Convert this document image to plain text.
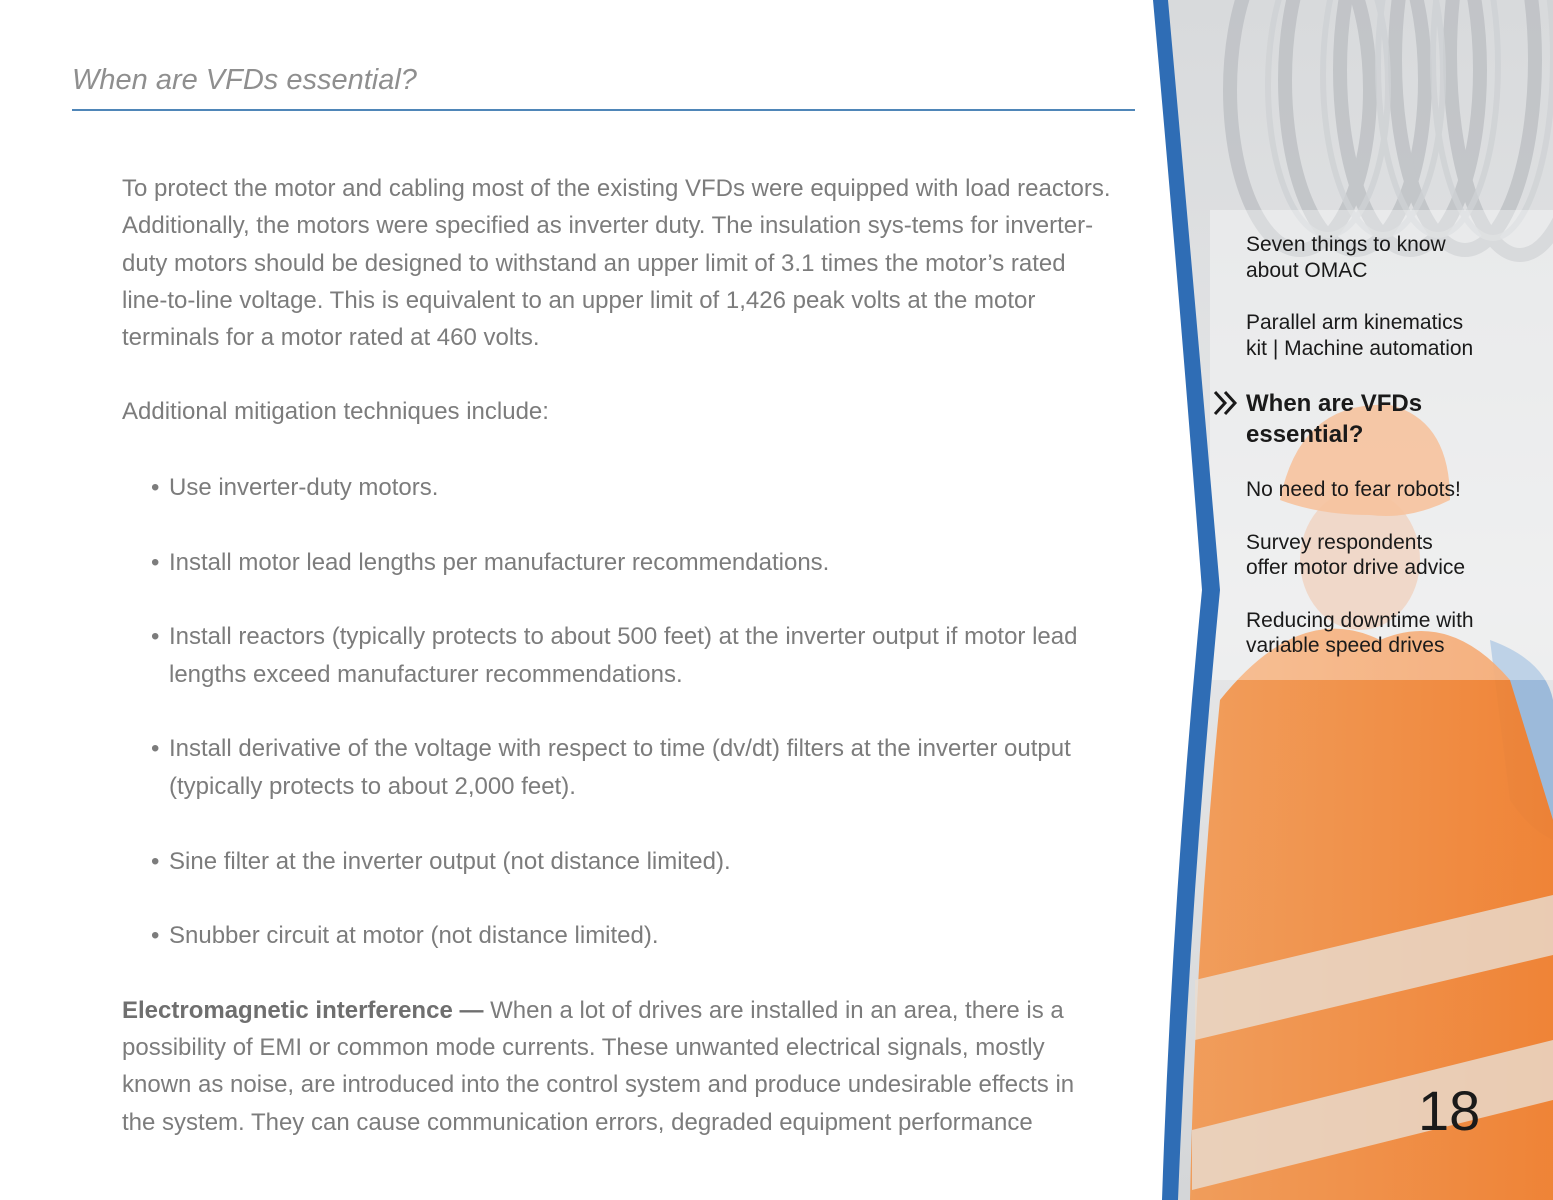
When are VFDs essential?

To protect the motor and cabling most of the existing VFDs were equipped with load reactors. Additionally, the motors were specified as inverter duty. The insulation sys-tems for inverter-duty motors should be designed to withstand an upper limit of 3.1 times the motor’s rated line-to-line voltage. This is equivalent to an upper limit of 1,426 peak volts at the motor terminals for a motor rated at 460 volts.

Additional mitigation techniques include:

• Use inverter-duty motors.
• Install motor lead lengths per manufacturer recommendations.
• Install reactors (typically protects to about 500 feet) at the inverter output if motor lead lengths exceed manufacturer recommendations.
• Install derivative of the voltage with respect to time (dv/dt) filters at the inverter output (typically protects to about 2,000 feet).
• Sine filter at the inverter output (not distance limited).
• Snubber circuit at motor (not distance limited).

Electromagnetic interference — When a lot of drives are installed in an area, there is a possibility of EMI or common mode currents. These unwanted electrical signals, mostly known as noise, are introduced into the control system and produce undesirable effects in the system. They can cause communication errors, degraded equipment performance

Seven things to know
about OMAC
Parallel arm kinematics
kit | Machine automation
When are VFDs
essential?
No need to fear robots!
Survey respondents
offer motor drive advice
Reducing downtime with
variable speed drives
18
